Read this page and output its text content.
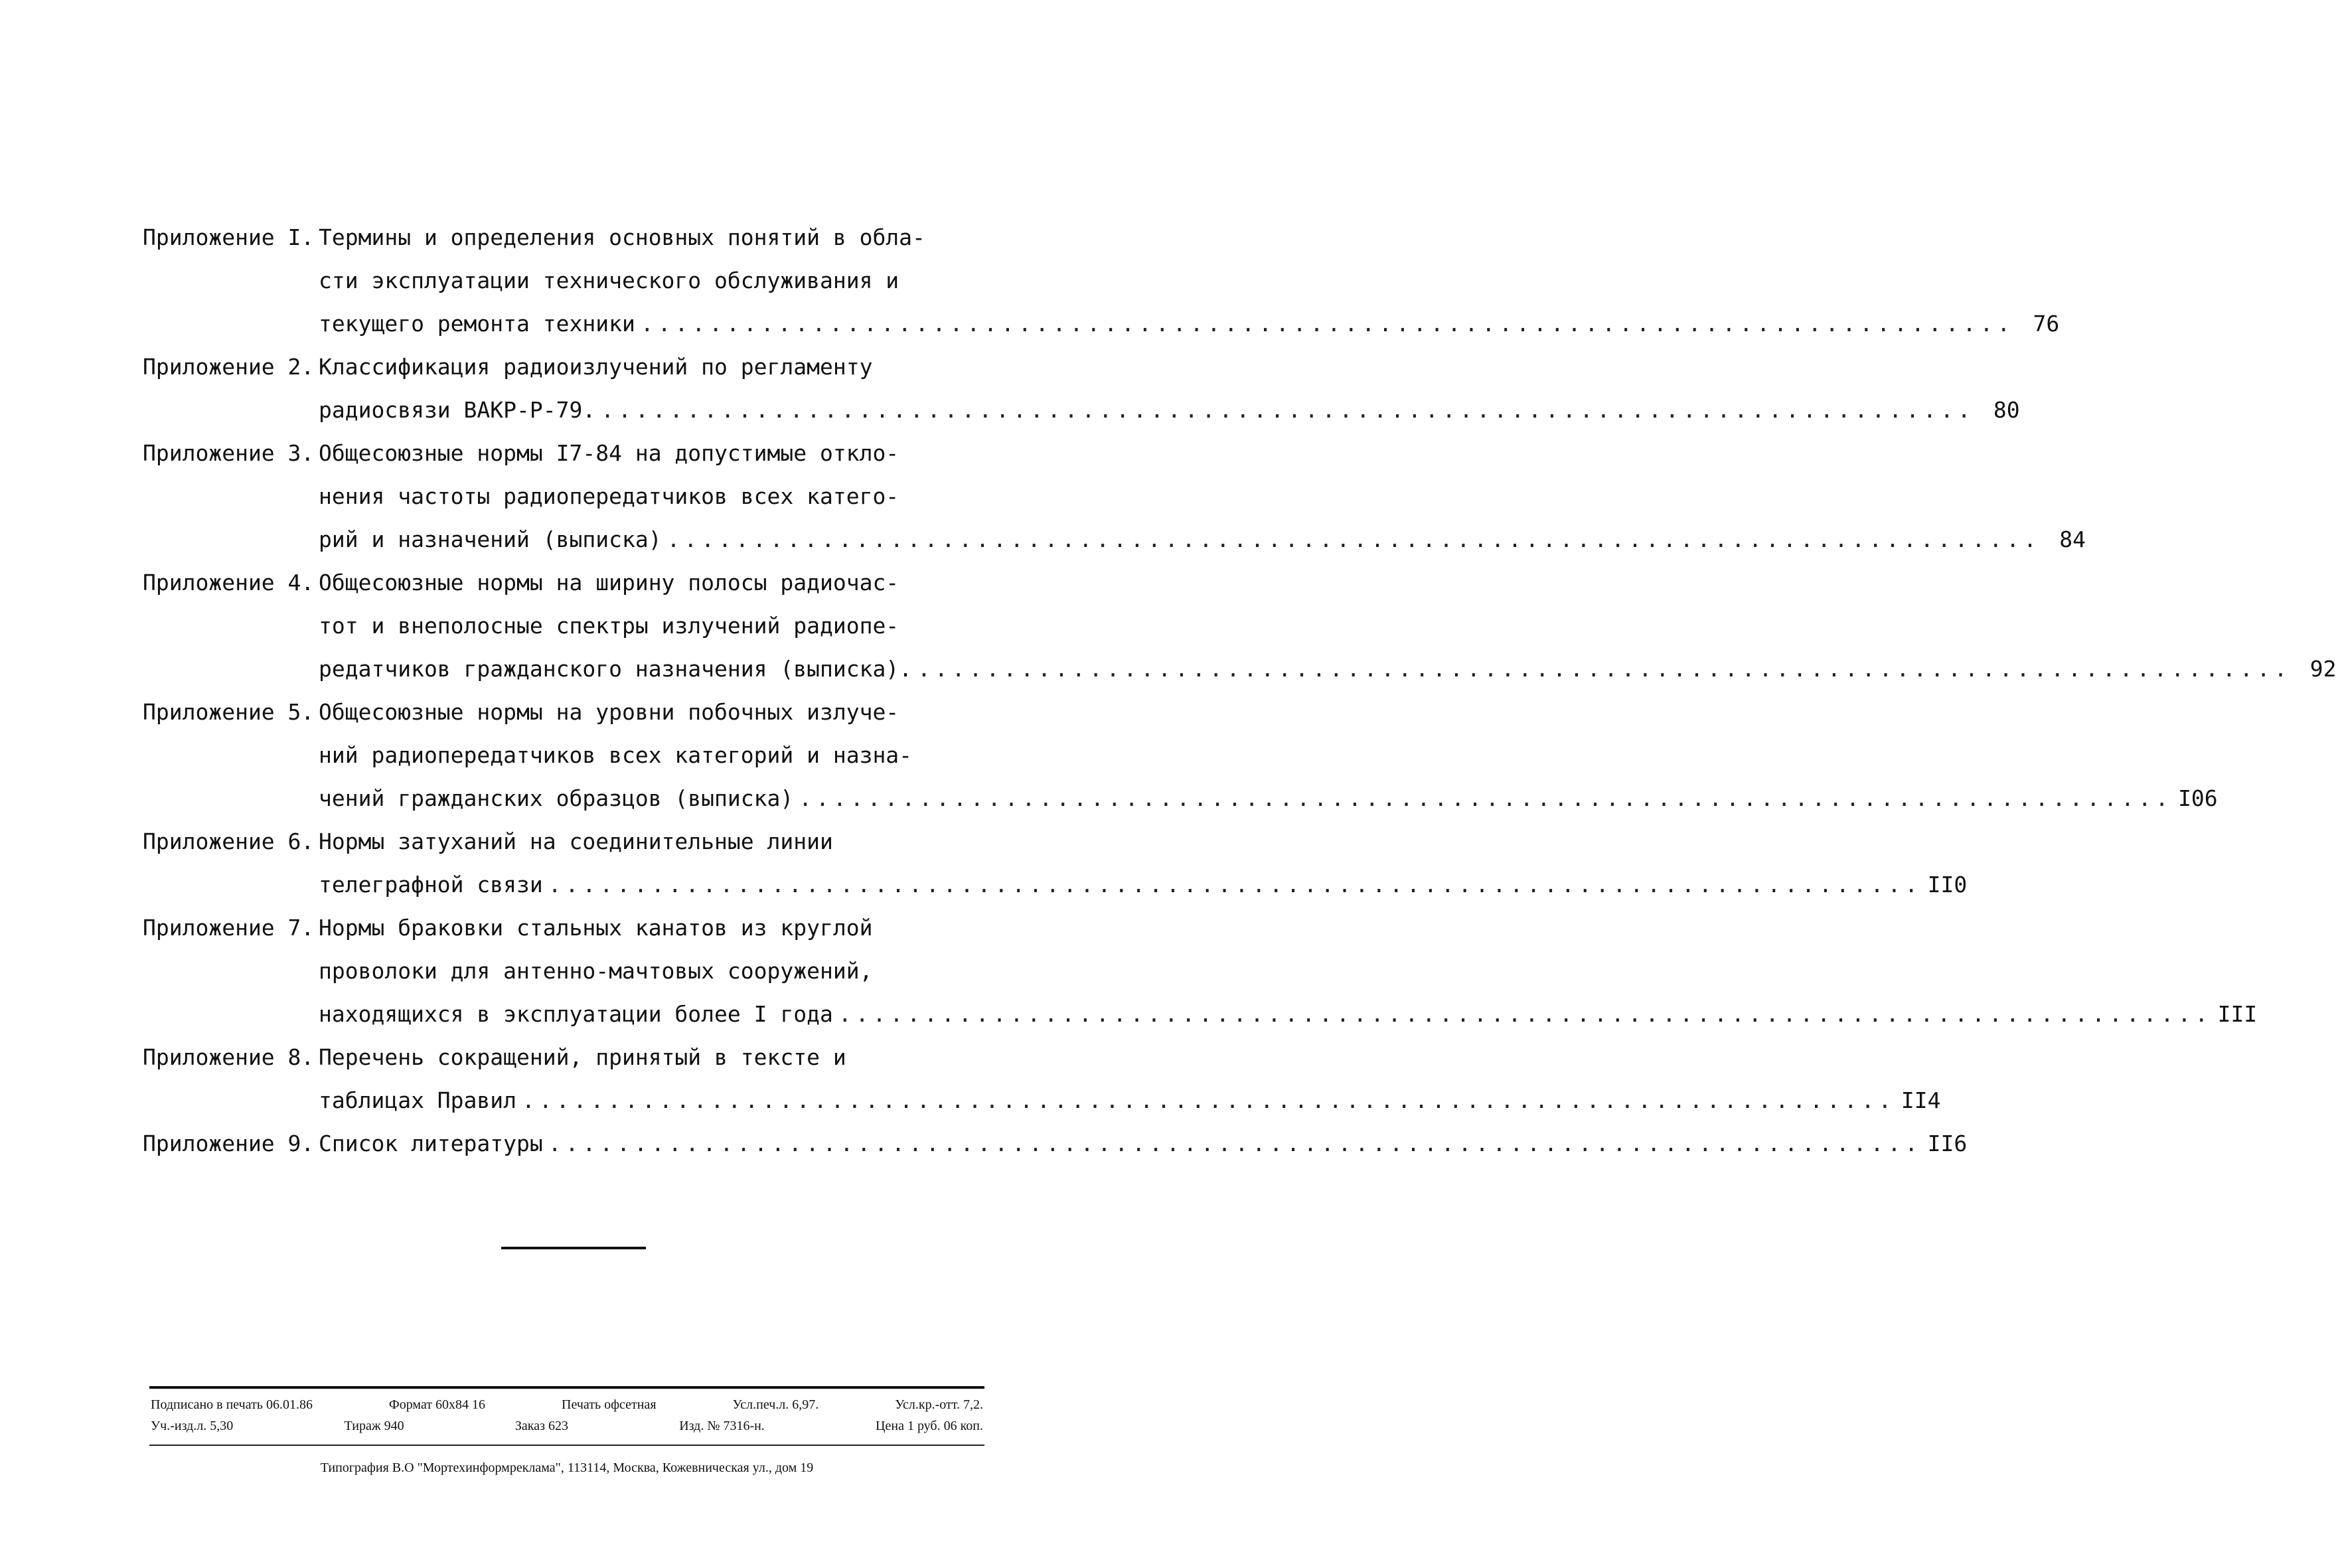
Приложение I. Термины и определения основных понятий в обла-
сти эксплуатации технического обслуживания и
текущего ремонта техники ................................................................................ 76
Приложение 2. Классификация радиоизлучений по регламенту
радиосвязи ВАКР-Р-79. ................................................................................ 80
Приложение 3. Общесоюзные нормы I7-84 на допустимые откло-
нения частоты радиопередатчиков всех катего-
рий и назначений (выписка) ................................................................................ 84
Приложение 4. Общесоюзные нормы на ширину полосы радиочас-
тот и внеполосные спектры излучений радиопе-
редатчиков гражданского назначения (выписка). ................................................................................ 92
Приложение 5. Общесоюзные нормы на уровни побочных излуче-
ний радиопередатчиков всех категорий и назна-
чений гражданских образцов (выписка) ................................................................................ I06
Приложение 6. Нормы затуханий на соединительные линии
телеграфной связи ................................................................................ II0
Приложение 7. Нормы браковки стальных канатов из круглой
проволоки для антенно-мачтовых сооружений,
находящихся в эксплуатации более I года ................................................................................ III
Приложение 8. Перечень сокращений, принятый в тексте и
таблицах Правил ................................................................................ II4
Приложение 9. Список литературы ................................................................................ II6
Подписано в печать 06.01.86	Формат 60х84 16	Печать офсетная	Усл.печ.л. 6,97.	Усл.кр.-отт. 7,2.
Уч.-изд.л. 5,30	Тираж 940	Заказ 623	Изд. № 7316-н.	Цена 1 руб. 06 коп.
Типография В.О "Мортехинформреклама", 113114, Москва, Кожевническая ул., дом 19
